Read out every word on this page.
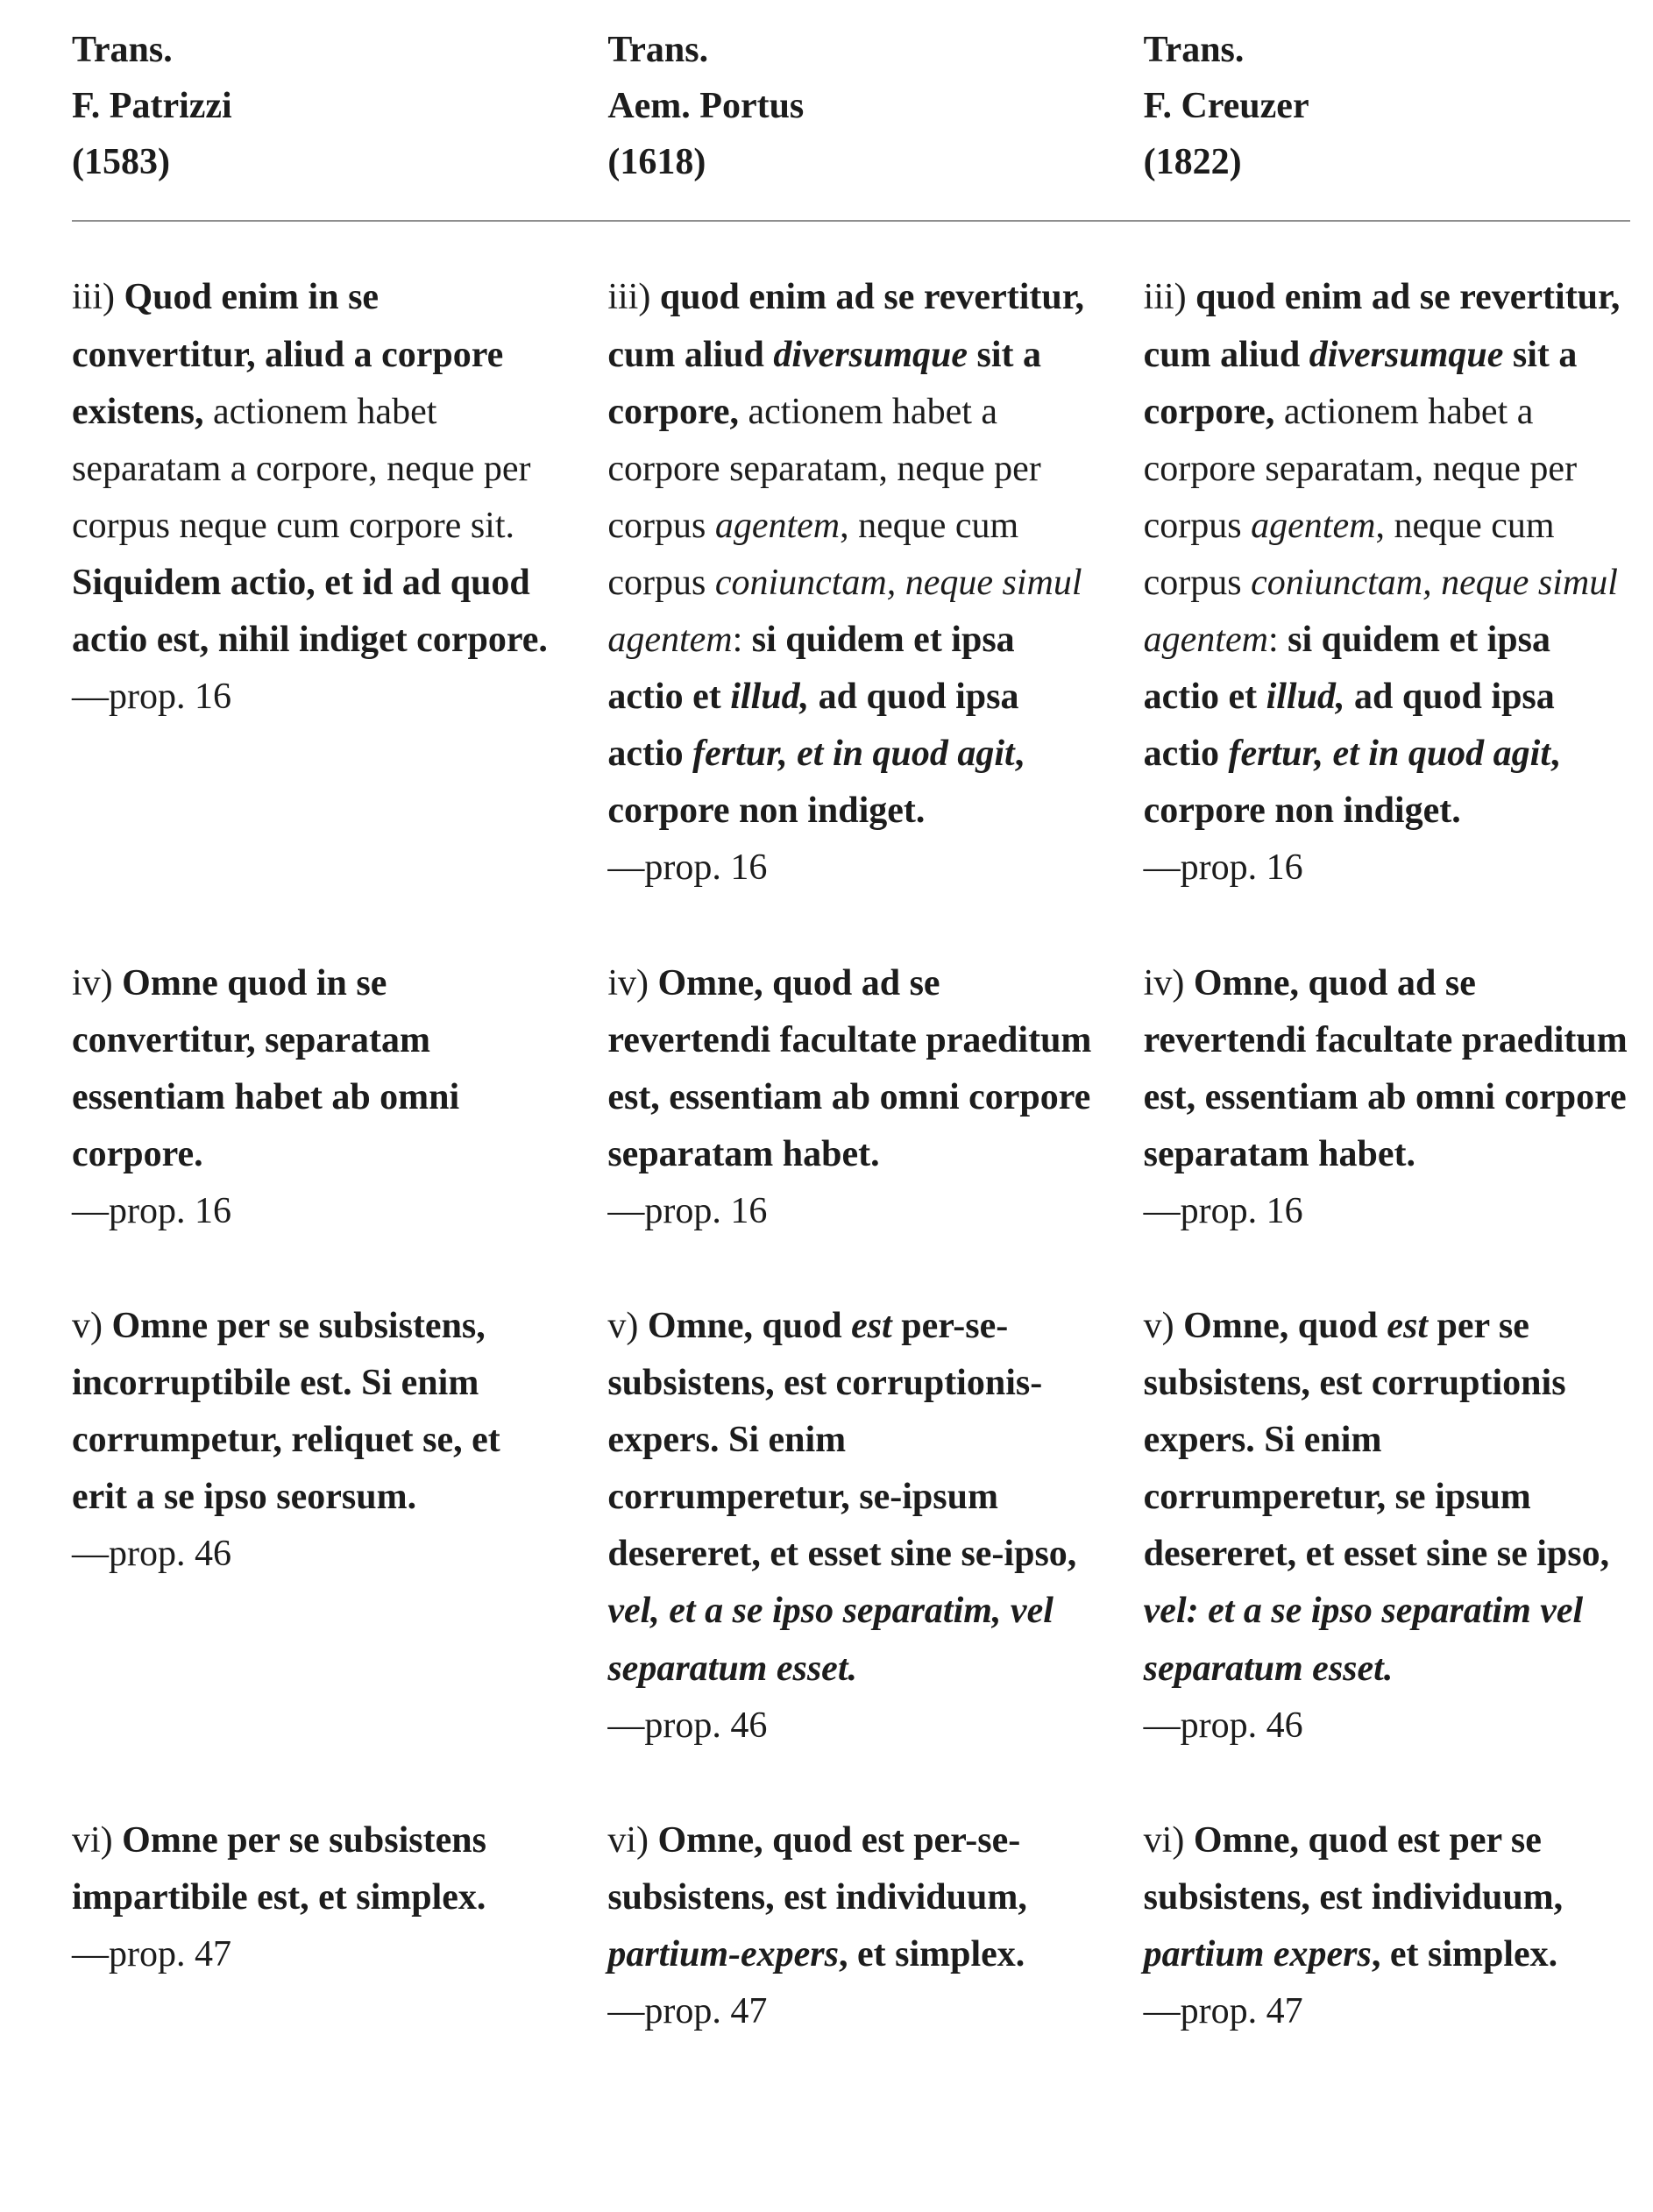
Trans.
F. Patrizzi
(1583)
Trans.
Aem. Portus
(1618)
Trans.
F. Creuzer
(1822)

iii) Quod enim in se convertitur, aliud a corpore existens, actionem habet separatam a corpore, neque per corpus neque cum corpore sit. Siquidem actio, et id ad quod actio est, nihil indiget corpore.

—prop. 16

iii) quod enim ad se revertitur, cum aliud diversumque sit a corpore, actionem habet a corpore separatam, neque per corpus agentem, neque cum corpus coniunctam, neque simul agentem: si quidem et ipsa actio et illud, ad quod ipsa actio fertur, et in quod agit, corpore non indiget.

—prop. 16

iii) quod enim ad se revertitur, cum aliud diversumque sit a corpore, actionem habet a corpore separatam, neque per corpus agentem, neque cum corpus coniunctam, neque simul agentem: si quidem et ipsa actio et illud, ad quod ipsa actio fertur, et in quod agit, corpore non indiget.

—prop. 16

iv) Omne quod in se convertitur, separatam essentiam habet ab omni corpore.

—prop. 16

iv) Omne, quod ad se revertendi facultate praeditum est, essentiam ab omni corpore separatam habet.

—prop. 16

iv) Omne, quod ad se revertendi facultate praeditum est, essentiam ab omni corpore separatam habet.

—prop. 16

v) Omne per se subsistens, incorruptibile est. Si enim corrumpetur, reliquet se, et erit a se ipso seorsum.

—prop. 46

v) Omne, quod est per-se-subsistens, est corruptionis-expers. Si enim corrumperetur, se-ipsum desereret, et esset sine se-ipso, vel, et a se ipso separatim, vel separatum esset.

—prop. 46

v) Omne, quod est per se subsistens, est corruptionis expers. Si enim corrumperetur, se ipsum desereret, et esset sine se ipso, vel: et a se ipso separatim vel separatum esset.

—prop. 46

vi) Omne per se subsistens impartibile est, et simplex.

—prop. 47

vi) Omne, quod est per-se-subsistens, est individuum, partium-expers, et simplex.

—prop. 47

vi) Omne, quod est per se subsistens, est individuum, partium expers, et simplex.

—prop. 47
